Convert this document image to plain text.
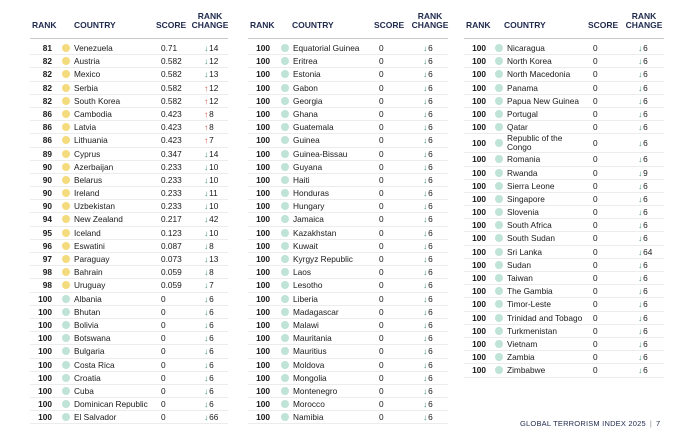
RANK COUNTRY	SCORE
RANK
CHANGE
81	Venezuela	0.71	↓14
82	Austria	0.582	↓12
82	Mexico	0.582	↓13
82	Serbia	0.582	↑12
82	South Korea	0.582	↑12
86	Cambodia	0.423	↑8
86	Latvia	0.423	↑8
86	Lithuania	0.423	↑7
89	Cyprus	0.347	↓14
90	Azerbaijan	0.233	↓10
90	Belarus	0.233	↓10
90	Ireland	0.233	↓11
90	Uzbekistan	0.233	↓10
94	New Zealand	0.217	↓42
95	Iceland	0.123	↓10
96	Eswatini	0.087	↓8
97	Paraguay	0.073	↓13
98	Bahrain	0.059	↓8
98	Uruguay	0.059	↓7
100	Albania	0	↓6
100	Bhutan	0	↓6
100	Bolivia	0	↓6
100	Botswana	0	↓6
100	Bulgaria	0	↓6
100	Costa Rica	0	↓6
100	Croatia	0	↓6
100	Cuba	0	↓6
100	Dominican Republic 0	↓6
100	El Salvador	0	↓66
RANK COUNTRY	SCORE
RANK
CHANGE
100	Equatorial Guinea 0	↓6
100	Eritrea	0	↓6
100	Estonia	0	↓6
100	Gabon	0	↓6
100	Georgia	0	↓6
100	Ghana	0	↓6
100	Guatemala	0	↓6
100	Guinea	0	↓6
100	Guinea-Bissau	0	↓6
100	Guyana	0	↓6
100	Haiti	0	↓6
100	Honduras	0	↓6
100	Hungary	0	↓6
100	Jamaica	0	↓6
100	Kazakhstan	0	↓6
100	Kuwait	0	↓6
100	Kyrgyz Republic	0	↓6
100	Laos	0	↓6
100	Lesotho	0	↓6
100	Liberia	0	↓6
100	Madagascar	0	↓6
100	Malawi	0	↓6
100	Mauritania	0	↓6
100	Mauritius	0	↓6
100	Moldova	0	↓6
100	Mongolia	0	↓6
100	Montenegro	0	↓6
100	Morocco	0	↓6
100	Namibia	0	↓6
RANK COUNTRY	SCORE
RANK
CHANGE
100	Nicaragua	0	↓6
100	North Korea	0	↓6
100	North Macedonia	0	↓6
100	Panama	0	↓6
100	Papua New Guinea 0	↓6
100	Portugal	0	↓6
100	Qatar	0	↓6
100	Republic of the
Congo	0	↓6
100	Romania	0	↓6
100	Rwanda	0	↓9
100	Sierra Leone	0	↓6
100	Singapore	0	↓6
100	Slovenia	0	↓6
100	South Africa	0	↓6
100	South Sudan	0	↓6
100	Sri Lanka	0	↓64
100	Sudan	0	↓6
100	Taiwan	0	↓6
100	The Gambia	0	↓6
100	Timor-Leste	0	↓6
100	Trinidad and Tobago 0	↓6
100	Turkmenistan	0	↓6
100	Vietnam	0	↓6
100	Zambia	0	↓6
100	Zimbabwe	0	↓6
GLOBAL TERRORISM INDEX 2025 | 7
